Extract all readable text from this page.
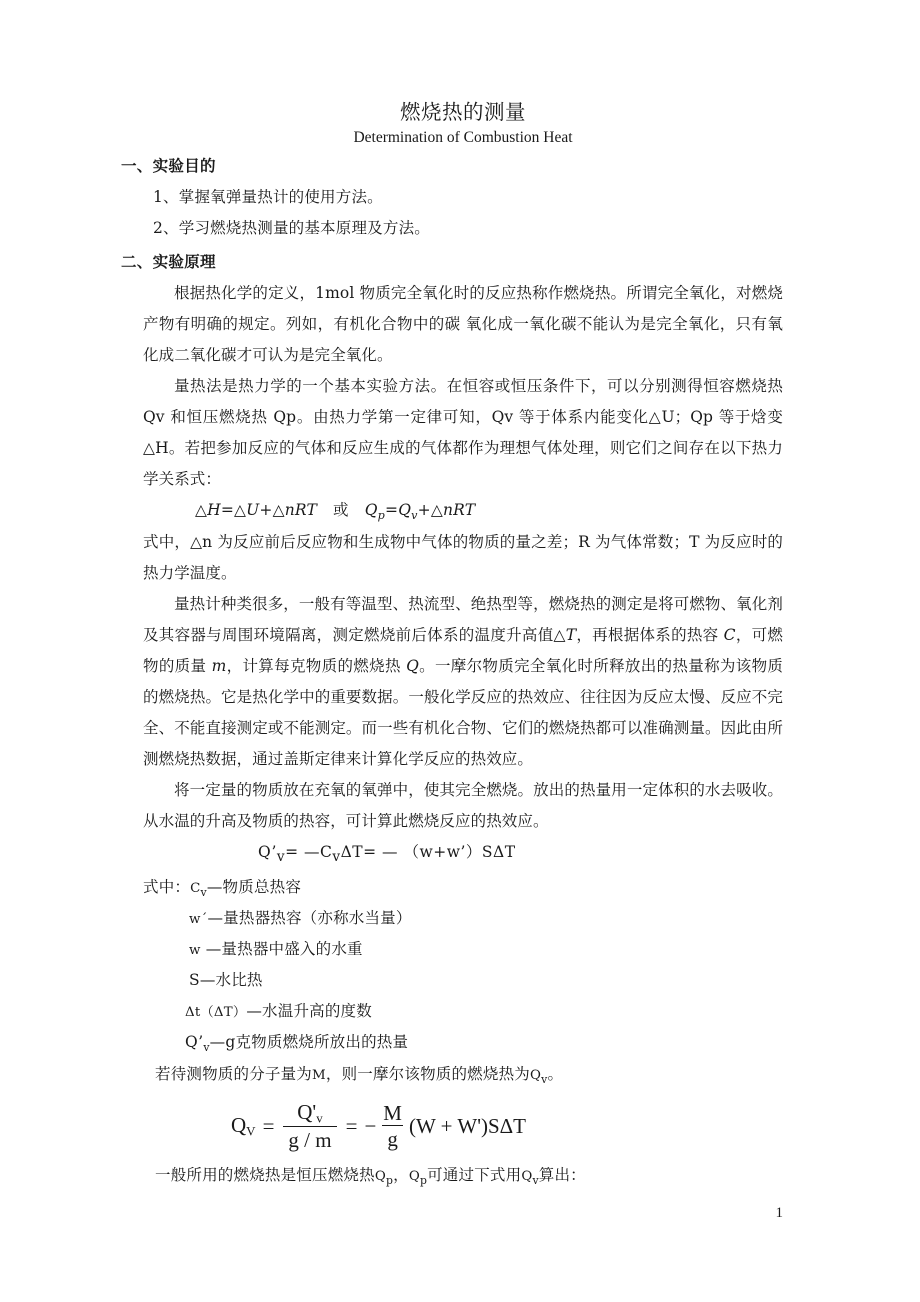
燃烧热的测量
Determination of Combustion Heat
一、实验目的
1、掌握氧弹量热计的使用方法。
2、学习燃烧热测量的基本原理及方法。
二、实验原理
根据热化学的定义，1mol 物质完全氧化时的反应热称作燃烧热。所谓完全氧化，对燃烧产物有明确的规定。列如，有机化合物中的碳 氧化成一氧化碳不能认为是完全氧化，只有氧化成二氧化碳才可认为是完全氧化。
量热法是热力学的一个基本实验方法。在恒容或恒压条件下，可以分别测得恒容燃烧热 Qv 和恒压燃烧热 Qp。由热力学第一定律可知，Qv 等于体系内能变化△U；Qp 等于焓变△H。若把参加反应的气体和反应生成的气体都作为理想气体处理，则它们之间存在以下热力学关系式：
△H=△U+△nRT 或 $Q_p=Q_v+\triangle nRT$
式中，△n 为反应前后反应物和生成物中气体的物质的量之差；R 为气体常数；T 为反应时的热力学温度。
量热计种类很多，一般有等温型、热流型、绝热型等，燃烧热的测定是将可燃物、氧化剂及其容器与周围环境隔离，测定燃烧前后体系的温度升高值△T，再根据体系的热容 C，可燃物的质量 m，计算每克物质的燃烧热 Q。一摩尔物质完全氧化时所释放出的热量称为该物质的燃烧热。它是热化学中的重要数据。一般化学反应的热效应、往往因为反应太慢、反应不完全、不能直接测定或不能测定。而一些有机化合物、它们的燃烧热都可以准确测量。因此由所测燃烧热数据，通过盖斯定律来计算化学反应的热效应。
将一定量的物质放在充氧的氧弹中，使其完全燃烧。放出的热量用一定体积的水去吸收。从水温的升高及物质的热容，可计算此燃烧反应的热效应。
$Q’_v=$ $—C_v\Delta T=$ — （w+w’）SΔT
式中：$C_v—$物质总热容
w´—量热器热容（亦称水当量）
w —量热器中盛入的水重
S—水比热
Δt（ΔT）—水温升高的度数
$Q’_v—g$克物质燃烧所放出的热量
若待测物质的分子量为M，则一摩尔该物质的燃烧热为$Q_v$。
$Q_V = \frac{Q'_v}{g / m}$ = − $\frac{M}{g} (W + W')S\Delta T$
一般所用的燃烧热是恒压燃烧热$Q_p$，$Q_p$可通过下式用$Q_v$算出：
1
